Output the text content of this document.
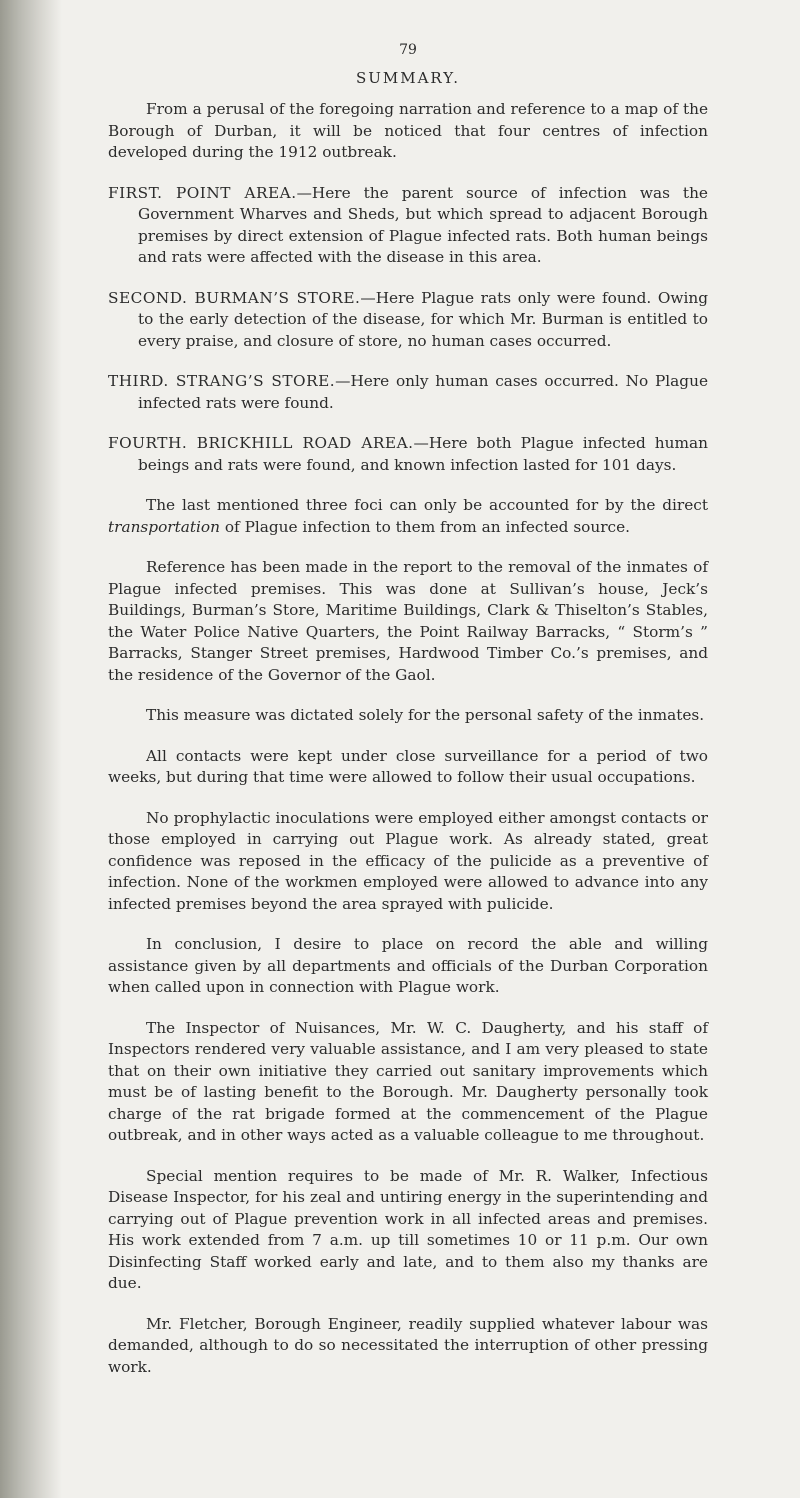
79
SUMMARY.

From a perusal of the foregoing narration and reference to a map of the Borough of Durban, it will be noticed that four centres of infection developed during the 1912 outbreak.

FIRST. POINT AREA.—Here the parent source of infection was the Government Wharves and Sheds, but which spread to adjacent Borough premises by direct extension of Plague infected rats. Both human beings and rats were affected with the disease in this area.

SECOND. BURMAN’S STORE.—Here Plague rats only were found. Owing to the early detection of the disease, for which Mr. Burman is entitled to every praise, and closure of store, no human cases occurred.

THIRD. STRANG’S STORE.—Here only human cases occurred. No Plague infected rats were found.

FOURTH. BRICKHILL ROAD AREA.—Here both Plague infected human beings and rats were found, and known infection lasted for 101 days.

The last mentioned three foci can only be accounted for by the direct transportation of Plague infection to them from an infected source.

Reference has been made in the report to the removal of the inmates of Plague infected premises. This was done at Sullivan’s house, Jeck’s Buildings, Burman’s Store, Maritime Buildings, Clark & Thiselton’s Stables, the Water Police Native Quarters, the Point Railway Barracks, “ Storm’s ” Barracks, Stanger Street premises, Hardwood Timber Co.’s premises, and the residence of the Governor of the Gaol.

This measure was dictated solely for the personal safety of the inmates.

All contacts were kept under close surveillance for a period of two weeks, but during that time were allowed to follow their usual occupations.

No prophylactic inoculations were employed either amongst contacts or those employed in carrying out Plague work. As already stated, great confidence was reposed in the efficacy of the pulicide as a preventive of infection. None of the workmen employed were allowed to advance into any infected premises beyond the area sprayed with pulicide.

In conclusion, I desire to place on record the able and willing assistance given by all departments and officials of the Durban Corporation when called upon in connection with Plague work.

The Inspector of Nuisances, Mr. W. C. Daugherty, and his staff of Inspectors rendered very valuable assistance, and I am very pleased to state that on their own initiative they carried out sanitary improvements which must be of lasting benefit to the Borough. Mr. Daugherty personally took charge of the rat brigade formed at the commencement of the Plague outbreak, and in other ways acted as a valuable colleague to me throughout.

Special mention requires to be made of Mr. R. Walker, Infectious Disease Inspector, for his zeal and untiring energy in the superintending and carrying out of Plague prevention work in all infected areas and premises. His work extended from 7 a.m. up till sometimes 10 or 11 p.m. Our own Disinfecting Staff worked early and late, and to them also my thanks are due.

Mr. Fletcher, Borough Engineer, readily supplied whatever labour was demanded, although to do so necessitated the interruption of other pressing work.
